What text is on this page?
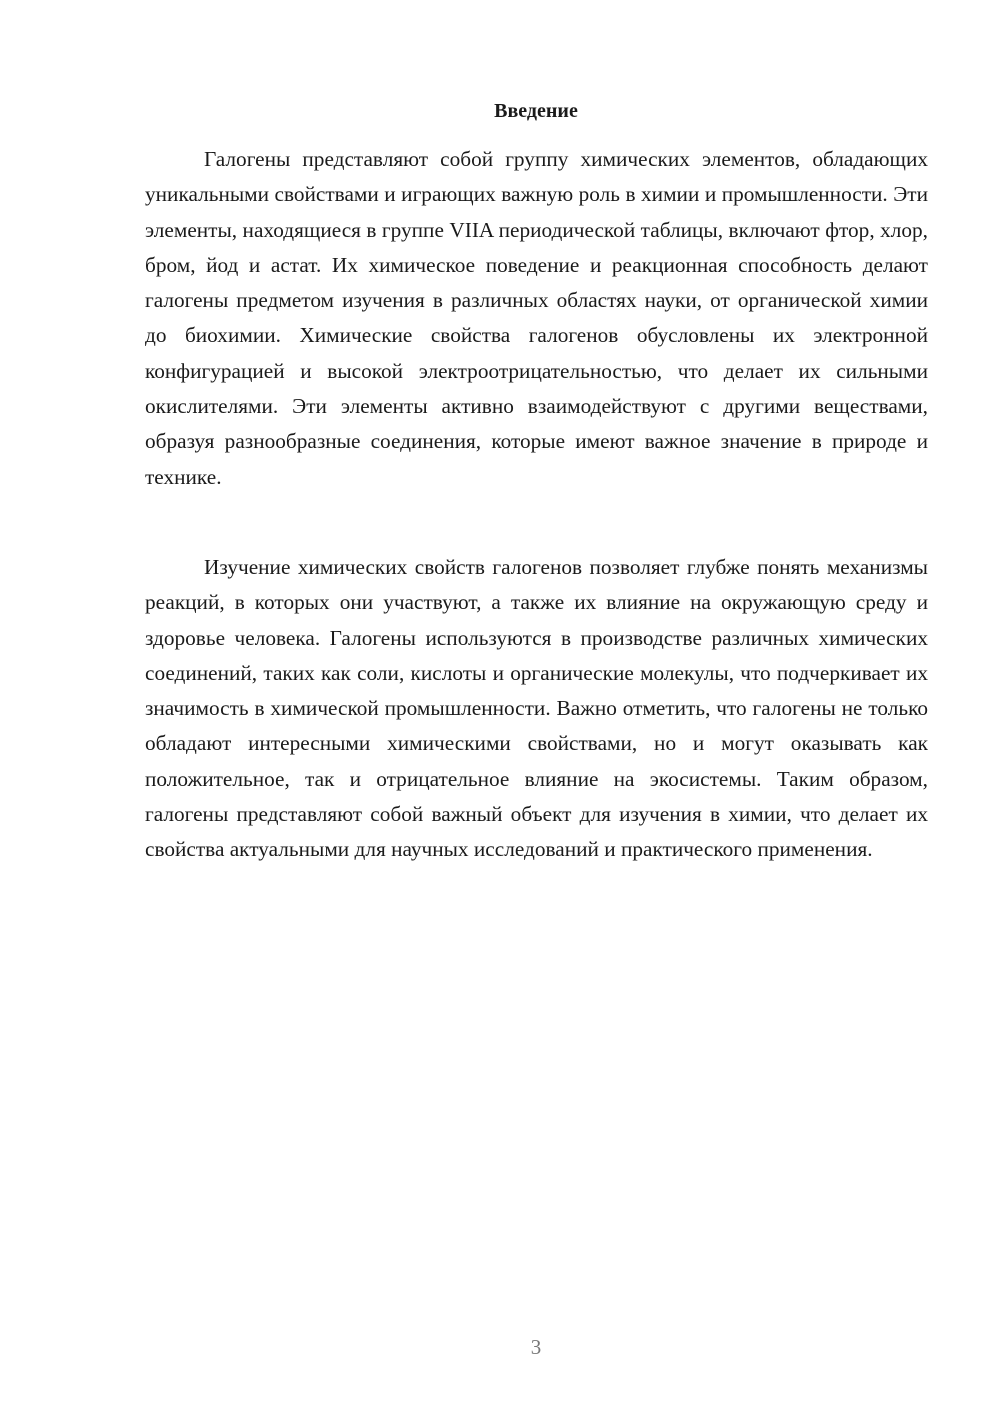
Введение

Галогены представляют собой группу химических элементов, обладающих уникальными свойствами и играющих важную роль в химии и промышленности. Эти элементы, находящиеся в группе VIIA периодической таблицы, включают фтор, хлор, бром, йод и астат. Их химическое поведение и реакционная способность делают галогены предметом изучения в различных областях науки, от органической химии до биохимии. Химические свойства галогенов обусловлены их электронной конфигурацией и высокой электроотрицательностью, что делает их сильными окислителями. Эти элементы активно взаимодействуют с другими веществами, образуя разнообразные соединения, которые имеют важное значение в природе и технике.

Изучение химических свойств галогенов позволяет глубже понять механизмы реакций, в которых они участвуют, а также их влияние на окружающую среду и здоровье человека. Галогены используются в производстве различных химических соединений, таких как соли, кислоты и органические молекулы, что подчеркивает их значимость в химической промышленности. Важно отметить, что галогены не только обладают интересными химическими свойствами, но и могут оказывать как положительное, так и отрицательное влияние на экосистемы. Таким образом, галогены представляют собой важный объект для изучения в химии, что делает их свойства актуальными для научных исследований и практического применения.

3
